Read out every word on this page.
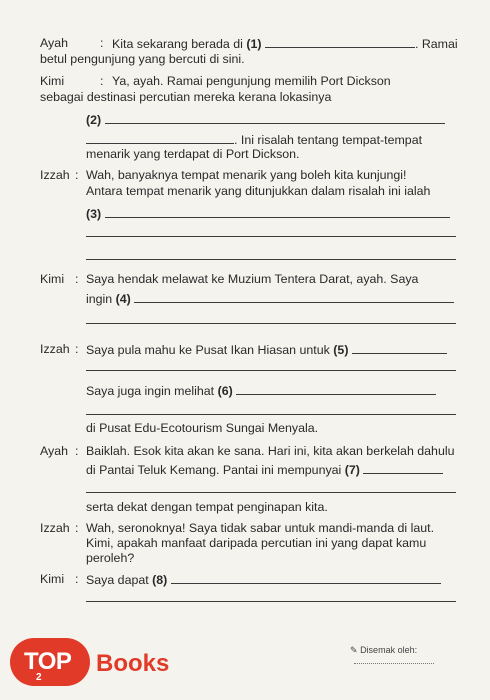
Ayah	: Kita sekarang berada di (1)	. Ramai
betul pengunjung yang bercuti di sini.
Kimi	: Ya, ayah. Ramai pengunjung memilih Port Dickson
sebagai destinasi percutian mereka kerana lokasinya
(2)
. Ini risalah tentang tempat-tempat
menarik yang terdapat di Port Dickson.
Izzah : Wah, banyaknya tempat menarik yang boleh kita kunjungi!
Antara tempat menarik yang ditunjukkan dalam risalah ini ialah
(3)
Kimi : Saya hendak melawat ke Muzium Tentera Darat, ayah. Saya
ingin (4)
Izzah : Saya pula mahu ke Pusat Ikan Hiasan untuk (5)
Saya juga ingin melihat (6)
di Pusat Edu-Ecotourism Sungai Menyala.
Ayah : Baiklah. Esok kita akan ke sana. Hari ini, kita akan berkelah dahulu
di Pantai Teluk Kemang. Pantai ini mempunyai (7)
serta dekat dengan tempat penginapan kita.
Izzah : Wah, seronoknya! Saya tidak sabar untuk mandi-manda di laut.
Kimi, apakah manfaat daripada percutian ini yang dapat kamu
peroleh?
Kimi : Saya dapat (8)
✎ Disemak oleh:
TOP
2
Books
